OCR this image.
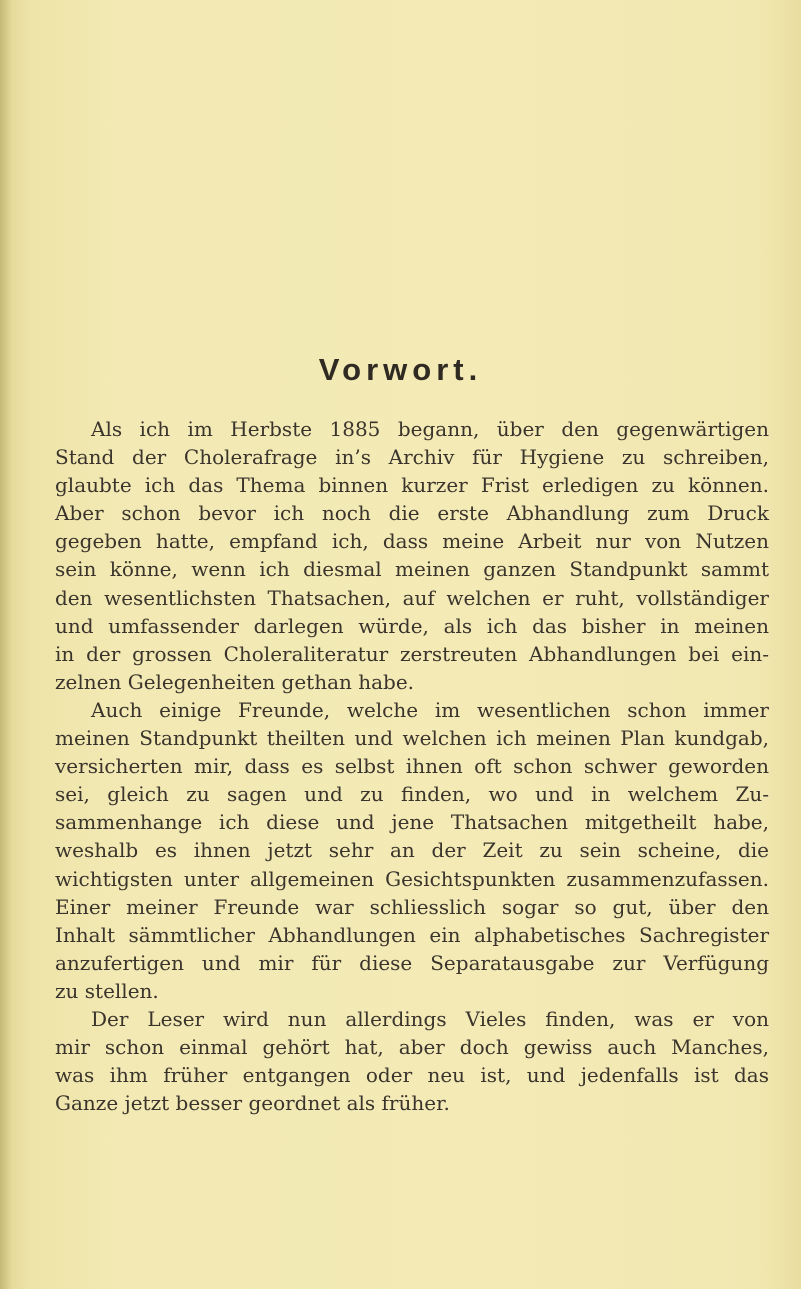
Vorwort.
Als ich im Herbste 1885 begann, über den gegenwärtigen
Stand der Cholerafrage in’s Archiv für Hygiene zu schreiben,
glaubte ich das Thema binnen kurzer Frist erledigen zu können.
Aber schon bevor ich noch die erste Abhandlung zum Druck
gegeben hatte, empfand ich, dass meine Arbeit nur von Nutzen
sein könne, wenn ich diesmal meinen ganzen Standpunkt sammt
den wesentlichsten Thatsachen, auf welchen er ruht, vollständiger
und umfassender darlegen würde, als ich das bisher in meinen
in der grossen Choleraliteratur zerstreuten Abhandlungen bei ein-
zelnen Gelegenheiten gethan habe.
Auch einige Freunde, welche im wesentlichen schon immer
meinen Standpunkt theilten und welchen ich meinen Plan kundgab,
versicherten mir, dass es selbst ihnen oft schon schwer geworden
sei, gleich zu sagen und zu finden, wo und in welchem Zu-
sammenhange ich diese und jene Thatsachen mitgetheilt habe,
weshalb es ihnen jetzt sehr an der Zeit zu sein scheine, die
wichtigsten unter allgemeinen Gesichtspunkten zusammenzufassen.
Einer meiner Freunde war schliesslich sogar so gut, über den
Inhalt sämmtlicher Abhandlungen ein alphabetisches Sachregister
anzufertigen und mir für diese Separatausgabe zur Verfügung
zu stellen.
Der Leser wird nun allerdings Vieles finden, was er von
mir schon einmal gehört hat, aber doch gewiss auch Manches,
was ihm früher entgangen oder neu ist, und jedenfalls ist das
Ganze jetzt besser geordnet als früher.
